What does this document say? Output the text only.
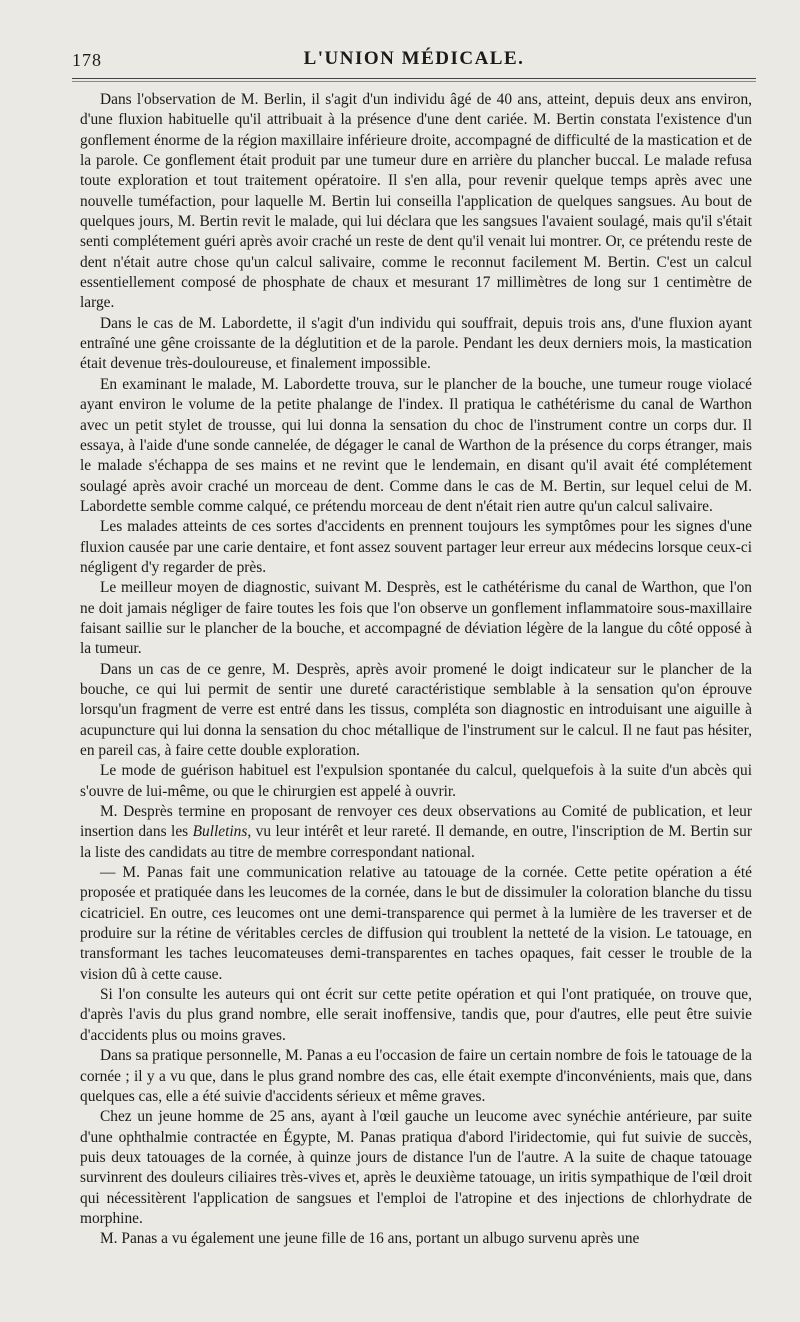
178	L'UNION MÉDICALE.

Dans l'observation de M. Berlin, il s'agit d'un individu âgé de 40 ans, atteint, depuis deux ans environ, d'une fluxion habituelle qu'il attribuait à la présence d'une dent cariée. M. Bertin constata l'existence d'un gonflement énorme de la région maxillaire inférieure droite, accompagné de difficulté de la mastication et de la parole. Ce gonflement était produit par une tumeur dure en arrière du plancher buccal. Le malade refusa toute exploration et tout traitement opératoire. Il s'en alla, pour revenir quelque temps après avec une nouvelle tuméfaction, pour laquelle M. Bertin lui conseilla l'application de quelques sangsues. Au bout de quelques jours, M. Bertin revit le malade, qui lui déclara que les sangsues l'avaient soulagé, mais qu'il s'était senti complétement guéri après avoir craché un reste de dent qu'il venait lui montrer. Or, ce prétendu reste de dent n'était autre chose qu'un calcul salivaire, comme le reconnut facilement M. Bertin. C'est un calcul essentiellement composé de phosphate de chaux et mesurant 17 millimètres de long sur 1 centimètre de large.

Dans le cas de M. Labordette, il s'agit d'un individu qui souffrait, depuis trois ans, d'une fluxion ayant entraîné une gêne croissante de la déglutition et de la parole. Pendant les deux derniers mois, la mastication était devenue très-douloureuse, et finalement impossible.

En examinant le malade, M. Labordette trouva, sur le plancher de la bouche, une tumeur rouge violacé ayant environ le volume de la petite phalange de l'index. Il pratiqua le cathétérisme du canal de Warthon avec un petit stylet de trousse, qui lui donna la sensation du choc de l'instrument contre un corps dur. Il essaya, à l'aide d'une sonde cannelée, de dégager le canal de Warthon de la présence du corps étranger, mais le malade s'échappa de ses mains et ne revint que le lendemain, en disant qu'il avait été complétement soulagé après avoir craché un morceau de dent. Comme dans le cas de M. Bertin, sur lequel celui de M. Labordette semble comme calqué, ce prétendu morceau de dent n'était rien autre qu'un calcul salivaire.

Les malades atteints de ces sortes d'accidents en prennent toujours les symptômes pour les signes d'une fluxion causée par une carie dentaire, et font assez souvent partager leur erreur aux médecins lorsque ceux-ci négligent d'y regarder de près.

Le meilleur moyen de diagnostic, suivant M. Desprès, est le cathétérisme du canal de Warthon, que l'on ne doit jamais négliger de faire toutes les fois que l'on observe un gonflement inflammatoire sous-maxillaire faisant saillie sur le plancher de la bouche, et accompagné de déviation légère de la langue du côté opposé à la tumeur.

Dans un cas de ce genre, M. Desprès, après avoir promené le doigt indicateur sur le plancher de la bouche, ce qui lui permit de sentir une dureté caractéristique semblable à la sensation qu'on éprouve lorsqu'un fragment de verre est entré dans les tissus, compléta son diagnostic en introduisant une aiguille à acupuncture qui lui donna la sensation du choc métallique de l'instrument sur le calcul. Il ne faut pas hésiter, en pareil cas, à faire cette double exploration.

Le mode de guérison habituel est l'expulsion spontanée du calcul, quelquefois à la suite d'un abcès qui s'ouvre de lui-même, ou que le chirurgien est appelé à ouvrir.

M. Desprès termine en proposant de renvoyer ces deux observations au Comité de publication, et leur insertion dans les Bulletins, vu leur intérêt et leur rareté. Il demande, en outre, l'inscription de M. Bertin sur la liste des candidats au titre de membre correspondant national.

— M. Panas fait une communication relative au tatouage de la cornée. Cette petite opération a été proposée et pratiquée dans les leucomes de la cornée, dans le but de dissimuler la coloration blanche du tissu cicatriciel. En outre, ces leucomes ont une demi-transparence qui permet à la lumière de les traverser et de produire sur la rétine de véritables cercles de diffusion qui troublent la netteté de la vision. Le tatouage, en transformant les taches leucomateuses demi-transparentes en taches opaques, fait cesser le trouble de la vision dû à cette cause.

Si l'on consulte les auteurs qui ont écrit sur cette petite opération et qui l'ont pratiquée, on trouve que, d'après l'avis du plus grand nombre, elle serait inoffensive, tandis que, pour d'autres, elle peut être suivie d'accidents plus ou moins graves.

Dans sa pratique personnelle, M. Panas a eu l'occasion de faire un certain nombre de fois le tatouage de la cornée ; il y a vu que, dans le plus grand nombre des cas, elle était exempte d'inconvénients, mais que, dans quelques cas, elle a été suivie d'accidents sérieux et même graves.

Chez un jeune homme de 25 ans, ayant à l'œil gauche un leucome avec synéchie antérieure, par suite d'une ophthalmie contractée en Égypte, M. Panas pratiqua d'abord l'iridectomie, qui fut suivie de succès, puis deux tatouages de la cornée, à quinze jours de distance l'un de l'autre. A la suite de chaque tatouage survinrent des douleurs ciliaires très-vives et, après le deuxième tatouage, un iritis sympathique de l'œil droit qui nécessitèrent l'application de sangsues et l'emploi de l'atropine et des injections de chlorhydrate de morphine.

M. Panas a vu également une jeune fille de 16 ans, portant un albugo survenu après une
